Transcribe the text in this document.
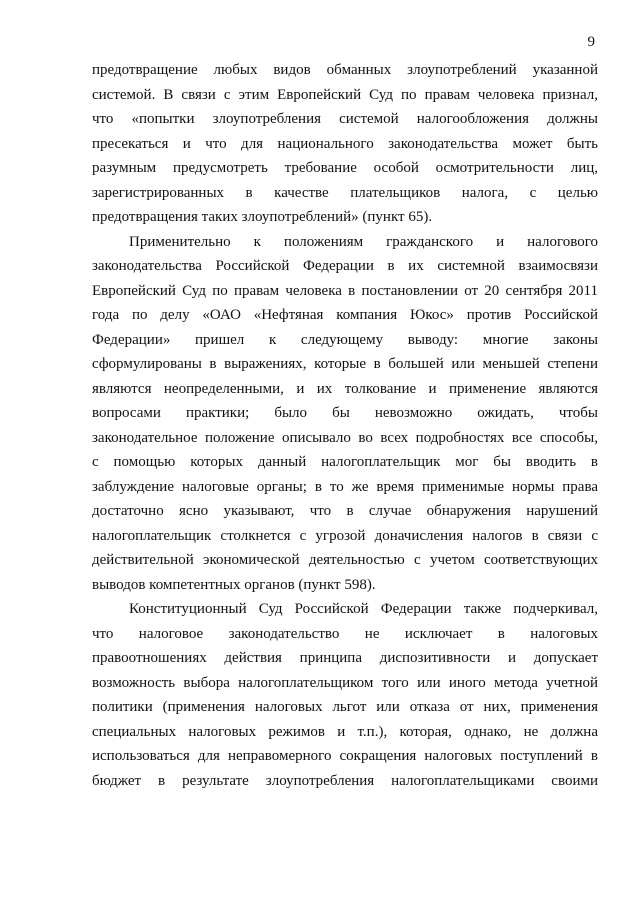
9
предотвращение любых видов обманных злоупотреблений указанной
системой. В связи с этим Европейский Суд по правам человека признал,
что «попытки злоупотребления системой налогообложения должны
пресекаться и что для национального законодательства может быть
разумным предусмотреть требование особой осмотрительности лиц,
зарегистрированных в качестве плательщиков налога, с целью
предотвращения таких злоупотреблений» (пункт 65).
Применительно к положениям гражданского и налогового
законодательства Российской Федерации в их системной взаимосвязи
Европейский Суд по правам человека в постановлении от 20 сентября 2011
года по делу «ОАО «Нефтяная компания Юкос» против Российской
Федерации» пришел к следующему выводу: многие законы
сформулированы в выражениях, которые в большей или меньшей степени
являются неопределенными, и их толкование и применение являются
вопросами практики; было бы невозможно ожидать, чтобы
законодательное положение описывало во всех подробностях все способы,
с помощью которых данный налогоплательщик мог бы вводить в
заблуждение налоговые органы; в то же время применимые нормы права
достаточно ясно указывают, что в случае обнаружения нарушений
налогоплательщик столкнется с угрозой доначисления налогов в связи с
действительной экономической деятельностью с учетом соответствующих
выводов компетентных органов (пункт 598).
Конституционный Суд Российской Федерации также подчеркивал,
что налоговое законодательство не исключает в налоговых
правоотношениях действия принципа диспозитивности и допускает
возможность выбора налогоплательщиком того или иного метода учетной
политики (применения налоговых льгот или отказа от них, применения
специальных налоговых режимов и т.п.), которая, однако, не должна
использоваться для неправомерного сокращения налоговых поступлений в
бюджет в результате злоупотребления налогоплательщиками своими
